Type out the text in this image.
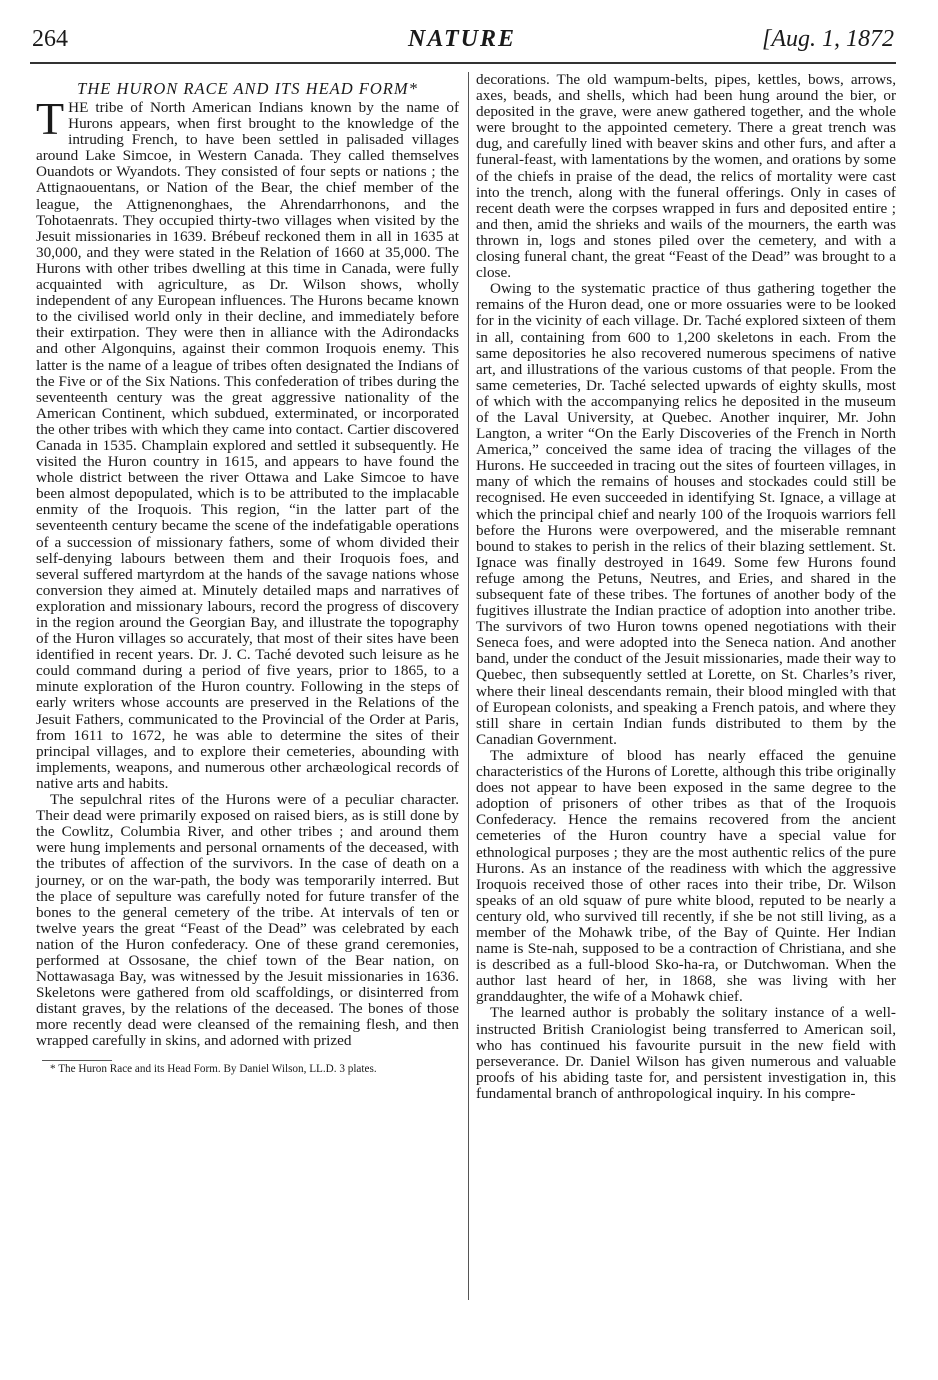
264	NATURE	[Aug. 1, 1872
THE HURON RACE AND ITS HEAD FORM*

THE tribe of North American Indians known by the name of Hurons appears, when first brought to the knowledge of the intruding French, to have been settled in palisaded villages around Lake Simcoe, in Western Canada. They called themselves Ouandots or Wyandots. They consisted of four septs or nations ; the Attignaouentans, or Nation of the Bear, the chief member of the league, the Attignenonghaes, the Ahrendarrhonons, and the Tohotaenrats. They occupied thirty-two villages when visited by the Jesuit missionaries in 1639. Brébeuf reckoned them in all in 1635 at 30,000, and they were stated in the Relation of 1660 at 35,000. The Hurons with other tribes dwelling at this time in Canada, were fully acquainted with agriculture, as Dr. Wilson shows, wholly independent of any European influences. The Hurons became known to the civilised world only in their decline, and immediately before their extirpation. They were then in alliance with the Adirondacks and other Algonquins, against their common Iroquois enemy. This latter is the name of a league of tribes often designated the Indians of the Five or of the Six Nations. This confederation of tribes during the seventeenth century was the great aggressive nationality of the American Continent, which subdued, exterminated, or incorporated the other tribes with which they came into contact. Cartier discovered Canada in 1535. Champlain explored and settled it subsequently. He visited the Huron country in 1615, and appears to have found the whole district between the river Ottawa and Lake Simcoe to have been almost depopulated, which is to be attributed to the implacable enmity of the Iroquois. This region, “in the latter part of the seventeenth century became the scene of the indefatigable operations of a succession of missionary fathers, some of whom divided their self-denying labours between them and their Iroquois foes, and several suffered martyrdom at the hands of the savage nations whose conversion they aimed at. Minutely detailed maps and narratives of exploration and missionary labours, record the progress of discovery in the region around the Georgian Bay, and illustrate the topography of the Huron villages so accurately, that most of their sites have been identified in recent years. Dr. J. C. Taché devoted such leisure as he could command during a period of five years, prior to 1865, to a minute exploration of the Huron country. Following in the steps of early writers whose accounts are preserved in the Relations of the Jesuit Fathers, communicated to the Provincial of the Order at Paris, from 1611 to 1672, he was able to determine the sites of their principal villages, and to explore their cemeteries, abounding with implements, weapons, and numerous other archæological records of native arts and habits.

The sepulchral rites of the Hurons were of a peculiar character. Their dead were primarily exposed on raised biers, as is still done by the Cowlitz, Columbia River, and other tribes ; and around them were hung implements and personal ornaments of the deceased, with the tributes of affection of the survivors. In the case of death on a journey, or on the war-path, the body was temporarily interred. But the place of sepulture was carefully noted for future transfer of the bones to the general cemetery of the tribe. At intervals of ten or twelve years the great “Feast of the Dead” was celebrated by each nation of the Huron confederacy. One of these grand ceremonies, performed at Ossosane, the chief town of the Bear nation, on Nottawasaga Bay, was witnessed by the Jesuit missionaries in 1636. Skeletons were gathered from old scaffoldings, or disinterred from distant graves, by the relations of the deceased. The bones of those more recently dead were cleansed of the remaining flesh, and then wrapped carefully in skins, and adorned with prized

* The Huron Race and its Head Form. By Daniel Wilson, LL.D. 3 plates.

decorations. The old wampum-belts, pipes, kettles, bows, arrows, axes, beads, and shells, which had been hung around the bier, or deposited in the grave, were anew gathered together, and the whole were brought to the appointed cemetery. There a great trench was dug, and carefully lined with beaver skins and other furs, and after a funeral-feast, with lamentations by the women, and orations by some of the chiefs in praise of the dead, the relics of mortality were cast into the trench, along with the funeral offerings. Only in cases of recent death were the corpses wrapped in furs and deposited entire ; and then, amid the shrieks and wails of the mourners, the earth was thrown in, logs and stones piled over the cemetery, and with a closing funeral chant, the great “Feast of the Dead” was brought to a close.

Owing to the systematic practice of thus gathering together the remains of the Huron dead, one or more ossuaries were to be looked for in the vicinity of each village. Dr. Taché explored sixteen of them in all, containing from 600 to 1,200 skeletons in each. From the same depositories he also recovered numerous specimens of native art, and illustrations of the various customs of that people. From the same cemeteries, Dr. Taché selected upwards of eighty skulls, most of which with the accompanying relics he deposited in the museum of the Laval University, at Quebec. Another inquirer, Mr. John Langton, a writer “On the Early Discoveries of the French in North America,” conceived the same idea of tracing the villages of the Hurons. He succeeded in tracing out the sites of fourteen villages, in many of which the remains of houses and stockades could still be recognised. He even succeeded in identifying St. Ignace, a village at which the principal chief and nearly 100 of the Iroquois warriors fell before the Hurons were overpowered, and the miserable remnant bound to stakes to perish in the relics of their blazing settlement. St. Ignace was finally destroyed in 1649. Some few Hurons found refuge among the Petuns, Neutres, and Eries, and shared in the subsequent fate of these tribes. The fortunes of another body of the fugitives illustrate the Indian practice of adoption into another tribe. The survivors of two Huron towns opened negotiations with their Seneca foes, and were adopted into the Seneca nation. And another band, under the conduct of the Jesuit missionaries, made their way to Quebec, then subsequently settled at Lorette, on St. Charles’s river, where their lineal descendants remain, their blood mingled with that of European colonists, and speaking a French patois, and where they still share in certain Indian funds distributed to them by the Canadian Government.

The admixture of blood has nearly effaced the genuine characteristics of the Hurons of Lorette, although this tribe originally does not appear to have been exposed in the same degree to the adoption of prisoners of other tribes as that of the Iroquois Confederacy. Hence the remains recovered from the ancient cemeteries of the Huron country have a special value for ethnological purposes ; they are the most authentic relics of the pure Hurons. As an instance of the readiness with which the aggressive Iroquois received those of other races into their tribe, Dr. Wilson speaks of an old squaw of pure white blood, reputed to be nearly a century old, who survived till recently, if she be not still living, as a member of the Mohawk tribe, of the Bay of Quinte. Her Indian name is Ste-nah, supposed to be a contraction of Christiana, and she is described as a full-blood Sko-ha-ra, or Dutchwoman. When the author last heard of her, in 1868, she was living with her granddaughter, the wife of a Mohawk chief.

The learned author is probably the solitary instance of a well-instructed British Craniologist being transferred to American soil, who has continued his favourite pursuit in the new field with perseverance. Dr. Daniel Wilson has given numerous and valuable proofs of his abiding taste for, and persistent investigation in, this fundamental branch of anthropological inquiry. In his compre-
